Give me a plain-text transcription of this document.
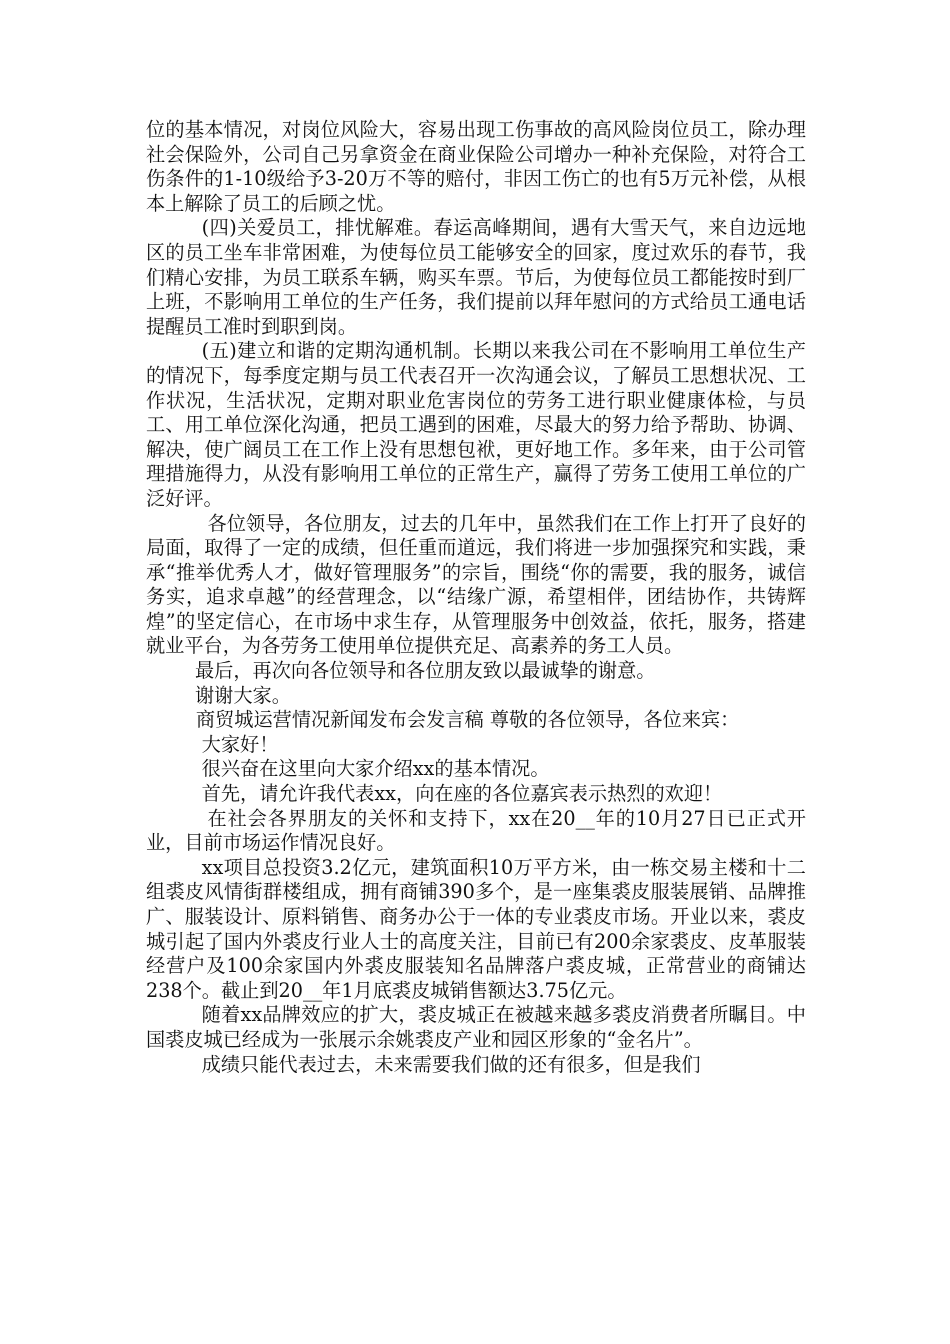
位的基本情况，对岗位风险大，容易出现工伤事故的高风险岗位员工，除办理社会保险外，公司自己另拿资金在商业保险公司增办一种补充保险，对符合工伤条件的1-10级给予3-20万不等的赔付，非因工伤亡的也有5万元补偿，从根本上解除了员工的后顾之忧。

(四)关爱员工，排忧解难。春运高峰期间，遇有大雪天气，来自边远地区的员工坐车非常困难，为使每位员工能够安全的回家，度过欢乐的春节，我们精心安排，为员工联系车辆，购买车票。节后，为使每位员工都能按时到厂上班，不影响用工单位的生产任务，我们提前以拜年慰问的方式给员工通电话提醒员工准时到职到岗。

(五)建立和谐的定期沟通机制。长期以来我公司在不影响用工单位生产的情况下，每季度定期与员工代表召开一次沟通会议，了解员工思想状况、工作状况，生活状况，定期对职业危害岗位的劳务工进行职业健康体检，与员工、用工单位深化沟通，把员工遇到的困难，尽最大的努力给予帮助、协调、解决，使广阔员工在工作上没有思想包袱，更好地工作。多年来，由于公司管理措施得力，从没有影响用工单位的正常生产，赢得了劳务工使用工单位的广泛好评。

各位领导，各位朋友，过去的几年中，虽然我们在工作上打开了良好的局面，取得了一定的成绩，但任重而道远，我们将进一步加强探究和实践，秉承“推举优秀人才，做好管理服务”的宗旨，围绕“你的需要，我的服务，诚信务实，追求卓越”的经营理念，以“结缘广源，希望相伴，团结协作，共铸辉煌”的坚定信心，在市场中求生存，从管理服务中创效益，依托，服务，搭建就业平台，为各劳务工使用单位提供充足、高素养的务工人员。

最后，再次向各位领导和各位朋友致以最诚挚的谢意。

谢谢大家。

商贸城运营情况新闻发布会发言稿 尊敬的各位领导，各位来宾：

大家好！

很兴奋在这里向大家介绍xx的基本情况。

首先，请允许我代表xx，向在座的各位嘉宾表示热烈的欢迎！

在社会各界朋友的关怀和支持下，xx在20__年的10月27日已正式开业，目前市场运作情况良好。

xx项目总投资3.2亿元，建筑面积10万平方米，由一栋交易主楼和十二组裘皮风情街群楼组成，拥有商铺390多个，是一座集裘皮服装展销、品牌推广、服装设计、原料销售、商务办公于一体的专业裘皮市场。开业以来，裘皮城引起了国内外裘皮行业人士的高度关注，目前已有200余家裘皮、皮革服装经营户及100余家国内外裘皮服装知名品牌落户裘皮城，正常营业的商铺达238个。截止到20__年1月底裘皮城销售额达3.75亿元。

随着xx品牌效应的扩大，裘皮城正在被越来越多裘皮消费者所瞩目。中国裘皮城已经成为一张展示余姚裘皮产业和园区形象的“金名片”。

成绩只能代表过去，未来需要我们做的还有很多，但是我们
